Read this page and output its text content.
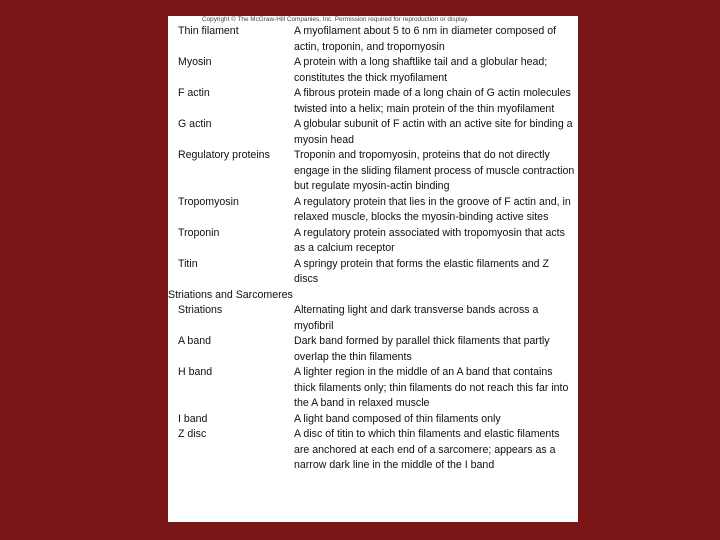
Copyright © The McGraw-Hill Companies, Inc. Permission required for reproduction or display.
Thin filament	A myofilament about 5 to 6 nm in diameter composed of actin, troponin, and tropomyosin
Myosin	A protein with a long shaftlike tail and a globular head; constitutes the thick myofilament
F actin	A fibrous protein made of a long chain of G actin molecules twisted into a helix; main protein of the thin myofilament
G actin	A globular subunit of F actin with an active site for binding a myosin head
Regulatory proteins	Troponin and tropomyosin, proteins that do not directly engage in the sliding filament process of muscle contraction but regulate myosin-actin binding
Tropomyosin	A regulatory protein that lies in the groove of F actin and, in relaxed muscle, blocks the myosin-binding active sites
Troponin	A regulatory protein associated with tropomyosin that acts as a calcium receptor
Titin	A springy protein that forms the elastic filaments and Z discs
Striations and Sarcomeres
Striations	Alternating light and dark transverse bands across a myofibril
A band	Dark band formed by parallel thick filaments that partly overlap the thin filaments
H band	A lighter region in the middle of an A band that contains thick filaments only; thin filaments do not reach this far into the A band in relaxed muscle
I band	A light band composed of thin filaments only
Z disc	A disc of titin to which thin filaments and elastic filaments are anchored at each end of a sarcomere; appears as a narrow dark line in the middle of the I band
